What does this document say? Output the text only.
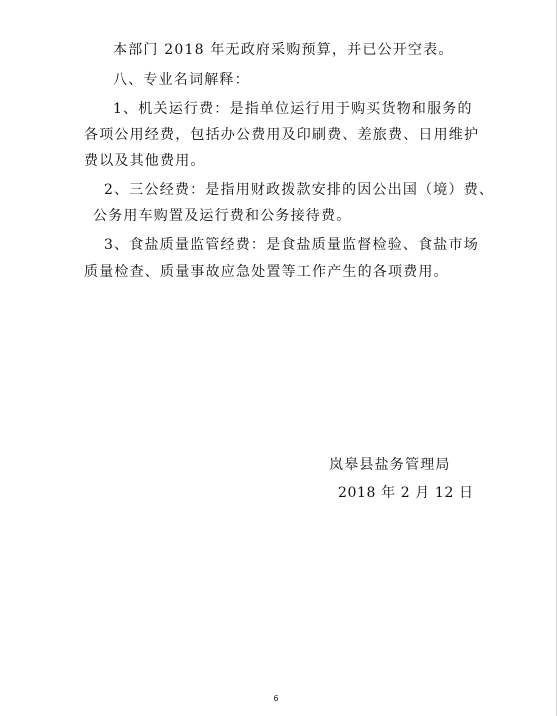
本部门 2018 年无政府采购预算，并已公开空表。
八、专业名词解释：
1、机关运行费：是指单位运行用于购买货物和服务的
各项公用经费，包括办公费用及印刷费、差旅费、日用维护
费以及其他费用。
2、三公经费：是指用财政拨款安排的因公出国（境）费、
公务用车购置及运行费和公务接待费。
3、食盐质量监管经费：是食盐质量监督检验、食盐市场
质量检查、质量事故应急处置等工作产生的各项费用。
岚皋县盐务管理局
2018 年 2 月 12 日
6
